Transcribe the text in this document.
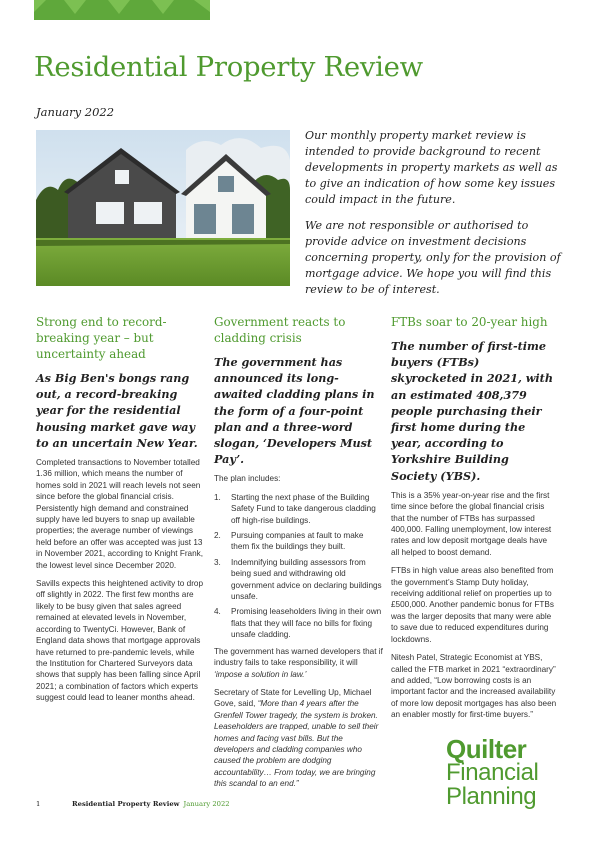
Residential Property Review

January 2022

Our monthly property market review is intended to provide background to recent developments in property markets as well as to give an indication of how some key issues could impact in the future.

We are not responsible or authorised to provide advice on investment decisions concerning property, only for the provision of mortgage advice. We hope you will find this review to be of interest.

Strong end to record-breaking year – but uncertainty ahead

As Big Ben's bongs rang out, a record-breaking year for the residential housing market gave way to an uncertain New Year.

Completed transactions to November totalled 1.36 million, which means the number of homes sold in 2021 will reach levels not seen since before the global financial crisis. Persistently high demand and constrained supply have led buyers to snap up available properties; the average number of viewings held before an offer was accepted was just 13 in November 2021, according to Knight Frank, the lowest level since December 2020.

Savills expects this heightened activity to drop off slightly in 2022. The first few months are likely to be busy given that sales agreed remained at elevated levels in November, according to TwentyCi. However, Bank of England data shows that mortgage approvals have returned to pre-pandemic levels, while the Institution for Chartered Surveyors data shows that supply has been falling since April 2021; a combination of factors which experts suggest could lead to leaner months ahead.

Government reacts to cladding crisis

The government has announced its long-awaited cladding plans in the form of a four-point plan and a three-word slogan, ‘Developers Must Pay’.

The plan includes:

1. Starting the next phase of the Building Safety Fund to take dangerous cladding off high-rise buildings.
2. Pursuing companies at fault to make them fix the buildings they built.
3. Indemnifying building assessors from being sued and withdrawing old government advice on declaring buildings unsafe.
4. Promising leaseholders living in their own flats that they will face no bills for fixing unsafe cladding.

The government has warned developers that if industry fails to take responsibility, it will ‘impose a solution in law.’

Secretary of State for Levelling Up, Michael Gove, said, “More than 4 years after the Grenfell Tower tragedy, the system is broken. Leaseholders are trapped, unable to sell their homes and facing vast bills. But the developers and cladding companies who caused the problem are dodging accountability… From today, we are bringing this scandal to an end.”

FTBs soar to 20-year high

The number of first-time buyers (FTBs) skyrocketed in 2021, with an estimated 408,379 people purchasing their first home during the year, according to Yorkshire Building Society (YBS).

This is a 35% year-on-year rise and the first time since before the global financial crisis that the number of FTBs has surpassed 400,000. Falling unemployment, low interest rates and low deposit mortgage deals have all helped to boost demand.

FTBs in high value areas also benefited from the government’s Stamp Duty holiday, receiving additional relief on properties up to £500,000. Another pandemic bonus for FTBs was the larger deposits that many were able to save due to reduced expenditures during lockdowns.

Nitesh Patel, Strategic Economist at YBS, called the FTB market in 2021 “extraordinary” and added, “Low borrowing costs is an important factor and the increased availability of more low deposit mortgages has also been an enabler mostly for first-time buyers.”

Quilter
Financial
Planning
1	Residential Property Review January 2022
